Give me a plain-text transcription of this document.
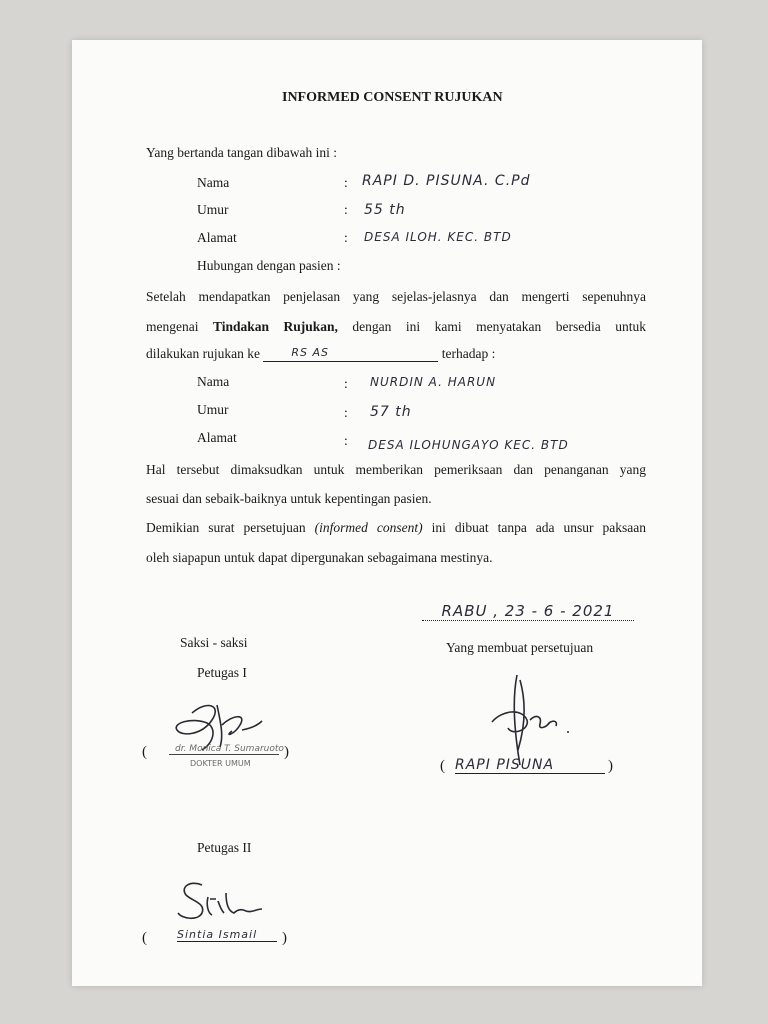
INFORMED CONSENT RUJUKAN
Yang bertanda tangan dibawah ini :
Nama	: RAPI D. PISUNA. C.Pd
Umur	: 55 th
Alamat	: DESA ILOH. KEC. BTD
Hubungan dengan pasien :
Setelah mendapatkan penjelasan yang sejelas-jelasnya dan mengerti sepenuhnya
mengenai Tindakan Rujukan, dengan ini kami menyatakan bersedia untuk
dilakukan rujukan ke	RS AS	terhadap :
Nama	: NURDIN A. HARUN
Umur	: 57 th
Alamat	: DESA ILOHUNGAYO KEC. BTD
Hal tersebut dimaksudkan untuk memberikan pemeriksaan dan penanganan yang
sesuai dan sebaik-baiknya untuk kepentingan pasien.
Demikian surat persetujuan (informed consent) ini dibuat tanpa ada unsur paksaan
oleh siapapun untuk dapat dipergunakan sebagaimana mestinya.
RABU , 23 - 6 - 2021
Saksi - saksi
Petugas I
dr. Monica T. Sumaruoto
DOKTER UMUM
(	)
Yang membuat persetujuan
( RAPI PISUNA	)
Petugas II
(	Sintia Ismail	)
